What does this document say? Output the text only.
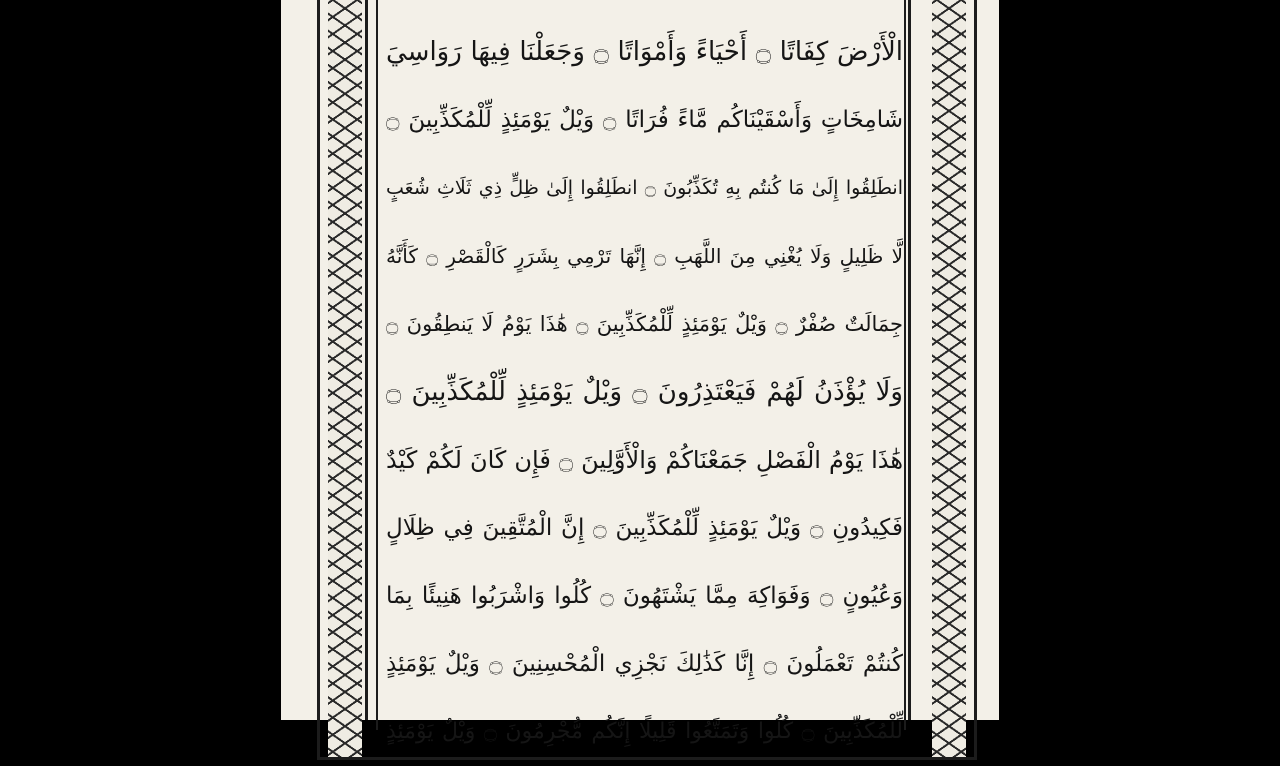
الْأَرْضَ كِفَاتًا ۝ أَحْيَاءً وَأَمْوَاتًا ۝ وَجَعَلْنَا فِيهَا رَوَاسِيَ
شَامِخَاتٍ وَأَسْقَيْنَاكُم مَّاءً فُرَاتًا ۝ وَيْلٌ يَوْمَئِذٍ لِّلْمُكَذِّبِينَ ۝
انطَلِقُوا إِلَىٰ مَا كُنتُم بِهِ تُكَذِّبُونَ ۝ انطَلِقُوا إِلَىٰ ظِلٍّ ذِي ثَلَاثِ شُعَبٍ
لَّا ظَلِيلٍ وَلَا يُغْنِي مِنَ اللَّهَبِ ۝ إِنَّهَا تَرْمِي بِشَرَرٍ كَالْقَصْرِ ۝ كَأَنَّهُ
جِمَالَتٌ صُفْرٌ ۝ وَيْلٌ يَوْمَئِذٍ لِّلْمُكَذِّبِينَ ۝ هَٰذَا يَوْمُ لَا يَنطِقُونَ ۝
وَلَا يُؤْذَنُ لَهُمْ فَيَعْتَذِرُونَ ۝ وَيْلٌ يَوْمَئِذٍ لِّلْمُكَذِّبِينَ ۝
هَٰذَا يَوْمُ الْفَصْلِ جَمَعْنَاكُمْ وَالْأَوَّلِينَ ۝ فَإِن كَانَ لَكُمْ كَيْدٌ
فَكِيدُونِ ۝ وَيْلٌ يَوْمَئِذٍ لِّلْمُكَذِّبِينَ ۝ إِنَّ الْمُتَّقِينَ فِي ظِلَالٍ
وَعُيُونٍ ۝ وَفَوَاكِهَ مِمَّا يَشْتَهُونَ ۝ كُلُوا وَاشْرَبُوا هَنِيئًا بِمَا
كُنتُمْ تَعْمَلُونَ ۝ إِنَّا كَذَٰلِكَ نَجْزِي الْمُحْسِنِينَ ۝ وَيْلٌ يَوْمَئِذٍ
لِّلْمُكَذِّبِينَ ۝ كُلُوا وَتَمَتَّعُوا قَلِيلًا إِنَّكُم مُّجْرِمُونَ ۝ وَيْلٌ يَوْمَئِذٍ
